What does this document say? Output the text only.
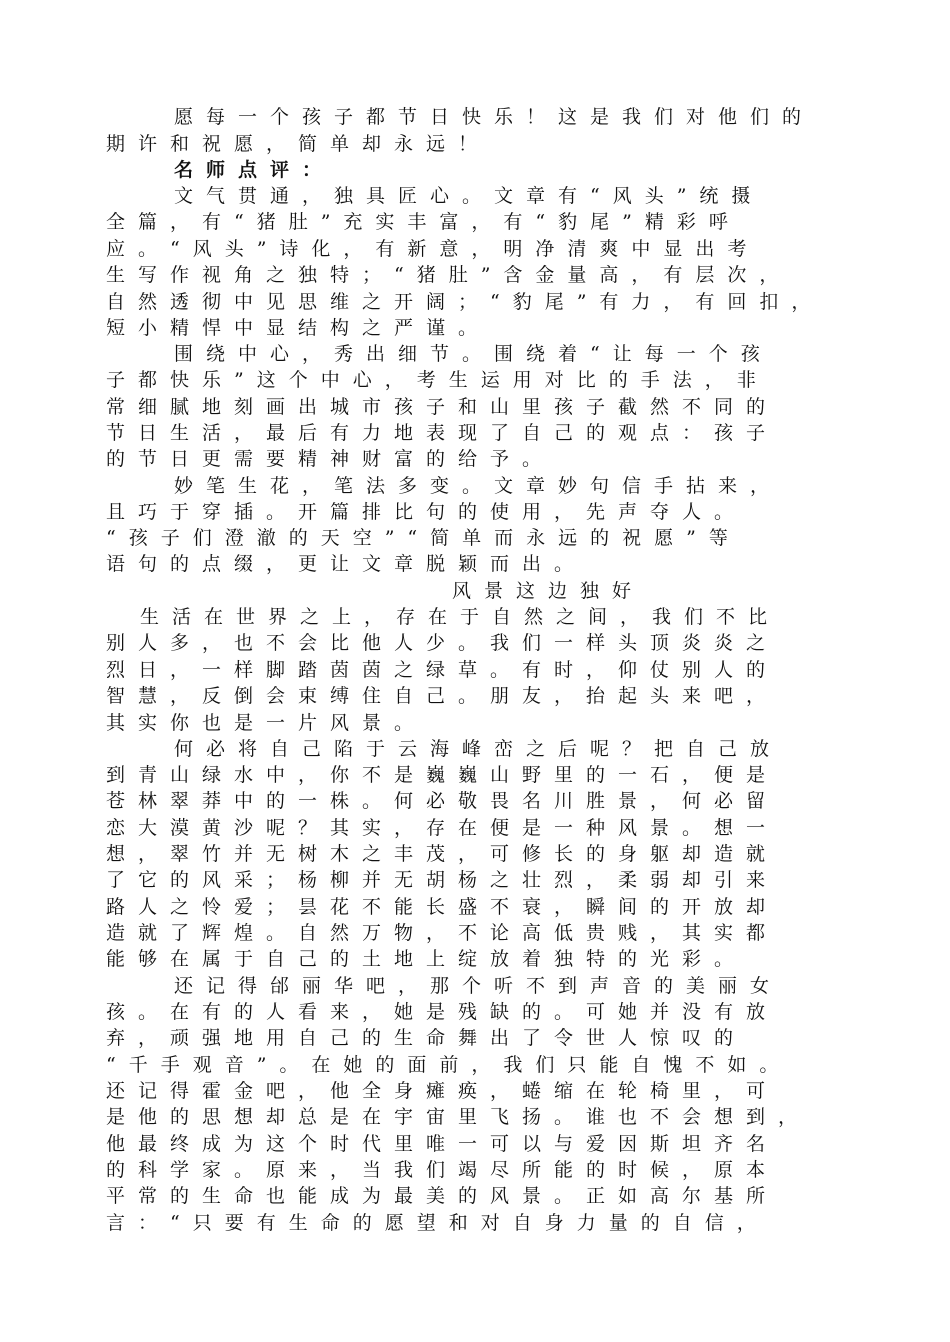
愿每一个孩子都节日快乐！这是我们对他们的
期许和祝愿，简单却永远！
名师点评：
文气贯通，独具匠心。文章有“风头”统摄
全篇，有“猪肚”充实丰富，有“豹尾”精彩呼
应。“风头”诗化，有新意，明净清爽中显出考
生写作视角之独特；“猪肚”含金量高，有层次，
自然透彻中见思维之开阔；“豹尾”有力，有回扣，
短小精悍中显结构之严谨。
围绕中心，秀出细节。围绕着“让每一个孩
子都快乐”这个中心，考生运用对比的手法，非
常细腻地刻画出城市孩子和山里孩子截然不同的
节日生活，最后有力地表现了自己的观点：孩子
的节日更需要精神财富的给予。
妙笔生花，笔法多变。文章妙句信手拈来，
且巧于穿插。开篇排比句的使用，先声夺人。
“孩子们澄澈的天空”“简单而永远的祝愿”等
语句的点缀，更让文章脱颖而出。
风景这边独好
生活在世界之上，存在于自然之间，我们不比
别人多，也不会比他人少。我们一样头顶炎炎之
烈日，一样脚踏茵茵之绿草。有时，仰仗别人的
智慧，反倒会束缚住自己。朋友，抬起头来吧，
其实你也是一片风景。
何必将自己陷于云海峰峦之后呢？把自己放
到青山绿水中，你不是巍巍山野里的一石，便是
苍林翠莽中的一株。何必敬畏名川胜景，何必留
恋大漠黄沙呢？其实，存在便是一种风景。想一
想，翠竹并无树木之丰茂，可修长的身躯却造就
了它的风采；杨柳并无胡杨之壮烈，柔弱却引来
路人之怜爱；昙花不能长盛不衰，瞬间的开放却
造就了辉煌。自然万物，不论高低贵贱，其实都
能够在属于自己的土地上绽放着独特的光彩。
还记得邰丽华吧，那个听不到声音的美丽女
孩。在有的人看来，她是残缺的。可她并没有放
弃，顽强地用自己的生命舞出了令世人惊叹的
“千手观音”。在她的面前，我们只能自愧不如。
还记得霍金吧，他全身瘫痪，蜷缩在轮椅里，可
是他的思想却总是在宇宙里飞扬。谁也不会想到，
他最终成为这个时代里唯一可以与爱因斯坦齐名
的科学家。原来，当我们竭尽所能的时候，原本
平常的生命也能成为最美的风景。正如高尔基所
言：“只要有生命的愿望和对自身力量的自信，
